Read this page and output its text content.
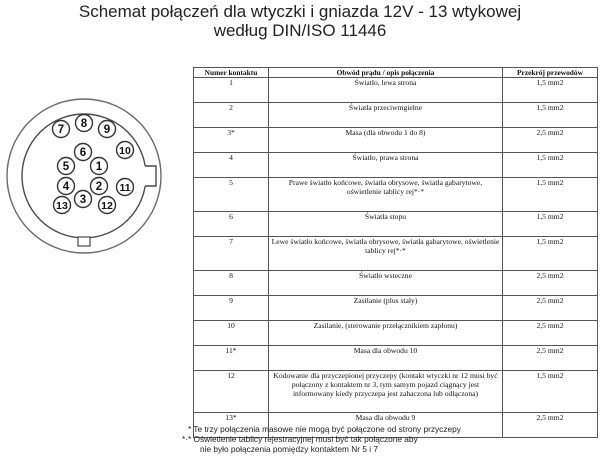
Schemat połączeń dla wtyczki i gniazda 12V - 13 wtykowej
według DIN/ISO 11446
1
2
3
4
5
6
7 8 9
10
11
12
13
Numer kontaktu	Obwód prądu / opis połączenia	Przekrój przewodów
1	Światło, lewa strona	1,5 mm2
2	Światła przeciwmgielne	1,5 mm2
3*	Masa (dla obwodu 1 do 8)	2,5 mm2
4	Światło, prawa strona	1,5 mm2
5	Prawe światło końcowe, światła obrysowe, światła gabarytowe, oświetlenie tablicy rej*·*	1,5 mm2
6	Światła stopu	1,5 mm2
7	Lewe światło końcowe, światła obrysowe, światła gabarytowe, oświetlenie tablicy rej*·*	1,5 mm2
8	Światło wsteczne	2,5 mm2
9	Zasilanie (plus stały)	2,5 mm2
10	Zasilanie, (sterowanie przełącznikiem zapłonu)	2,5 mm2
11*	Masa dla obwodu 10	2,5 mm2
12	Kodowanie dla przyczepionej przyczepy (kontakt wtyczki nr 12 musi być połączony z kontaktem nr 3, tym samym pojazd ciągnący jest informowany kiedy przyczepa jest zahaczona lub odłączona)	1,5 mm2
13*	Masa dla obwodu 9	2,5 mm2
* Te trzy połączenia masowe nie mogą być połączone od strony przyczepy
*·* Oświetlenie tablicy rejestracyjnej musi być tak połączone aby
nie było połączenia pomiędzy kontaktem Nr 5 i 7
